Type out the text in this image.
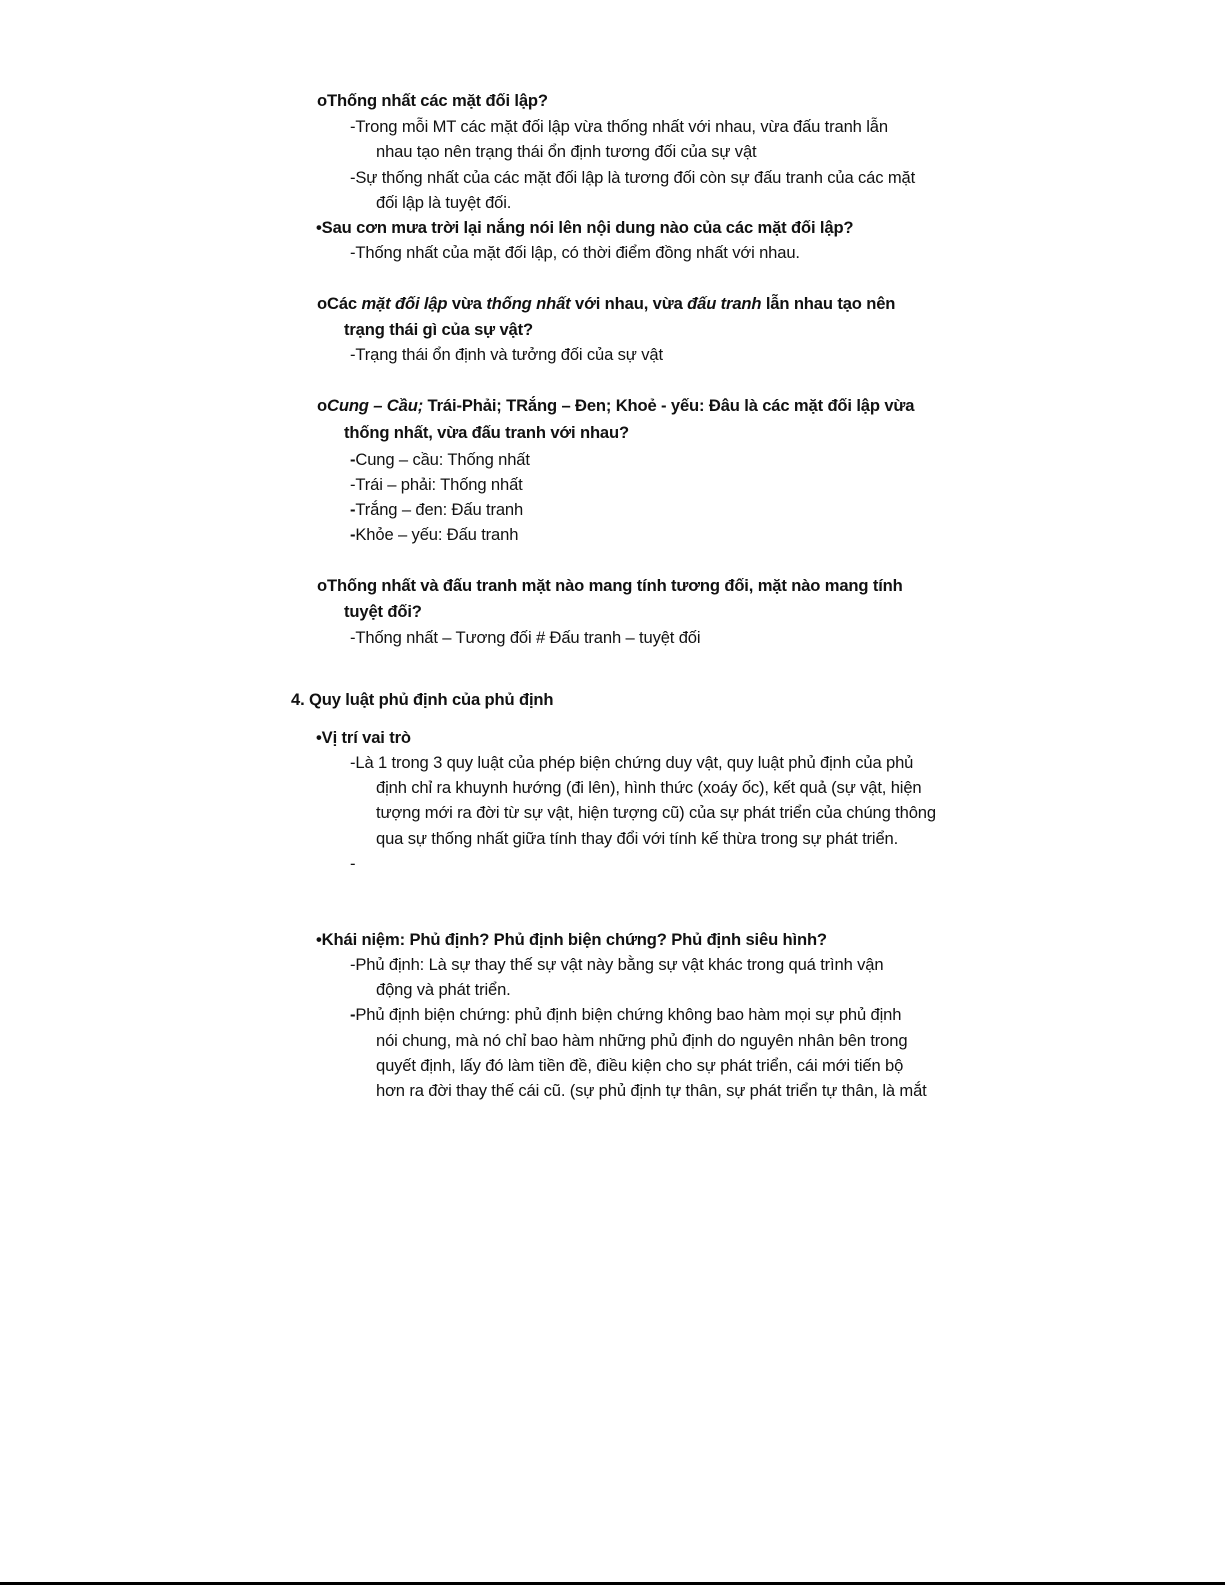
oThống nhất các mặt đối lập?
-Trong mỗi MT các mặt đối lập vừa thống nhất với nhau, vừa đấu tranh lẫn
nhau tạo nên trạng thái ổn định tương đối của sự vật
-Sự thống nhất của các mặt đối lập là tương đối còn sự đấu tranh của các mặt
đối lập là tuyệt đối.
•Sau cơn mưa trời lại nắng nói lên nội dung nào của các mặt đối lập?
-Thống nhất của mặt đối lập, có thời điểm đồng nhất với nhau.
oCác mặt đối lập vừa thống nhất với nhau, vừa đấu tranh lẫn nhau tạo nên
trạng thái gì của sự vật?
-Trạng thái ổn định và tưởng đối của sự vật
oCung – Cầu; Trái-Phải; TRắng – Đen; Khoẻ - yếu: Đâu là các mặt đối lập vừa
thống nhất, vừa đấu tranh với nhau?
-Cung – cầu: Thống nhất
-Trái – phải: Thống nhất
-Trắng – đen: Đấu tranh
-Khỏe – yếu: Đấu tranh
oThống nhất và đấu tranh mặt nào mang tính tương đối, mặt nào mang tính
tuyệt đối?
-Thống nhất – Tương đối # Đấu tranh – tuyệt đối
4. Quy luật phủ định của phủ định
•Vị trí vai trò
-Là 1 trong 3 quy luật của phép biện chứng duy vật, quy luật phủ định của phủ
định chỉ ra khuynh hướng (đi lên), hình thức (xoáy ốc), kết quả (sự vật, hiện
tượng mới ra đời từ sự vật, hiện tượng cũ) của sự phát triển của chúng thông
qua sự thống nhất giữa tính thay đổi với tính kế thừa trong sự phát triển.
-
•Khái niệm: Phủ định? Phủ định biện chứng? Phủ định siêu hình?
-Phủ định: Là sự thay thế sự vật này bằng sự vật khác trong quá trình vận
động và phát triển.
-Phủ định biện chứng: phủ định biện chứng không bao hàm mọi sự phủ định
nói chung, mà nó chỉ bao hàm những phủ định do nguyên nhân bên trong
quyết định, lấy đó làm tiền đề, điều kiện cho sự phát triển, cái mới tiến bộ
hơn ra đời thay thế cái cũ. (sự phủ định tự thân, sự phát triển tự thân, là mắt
